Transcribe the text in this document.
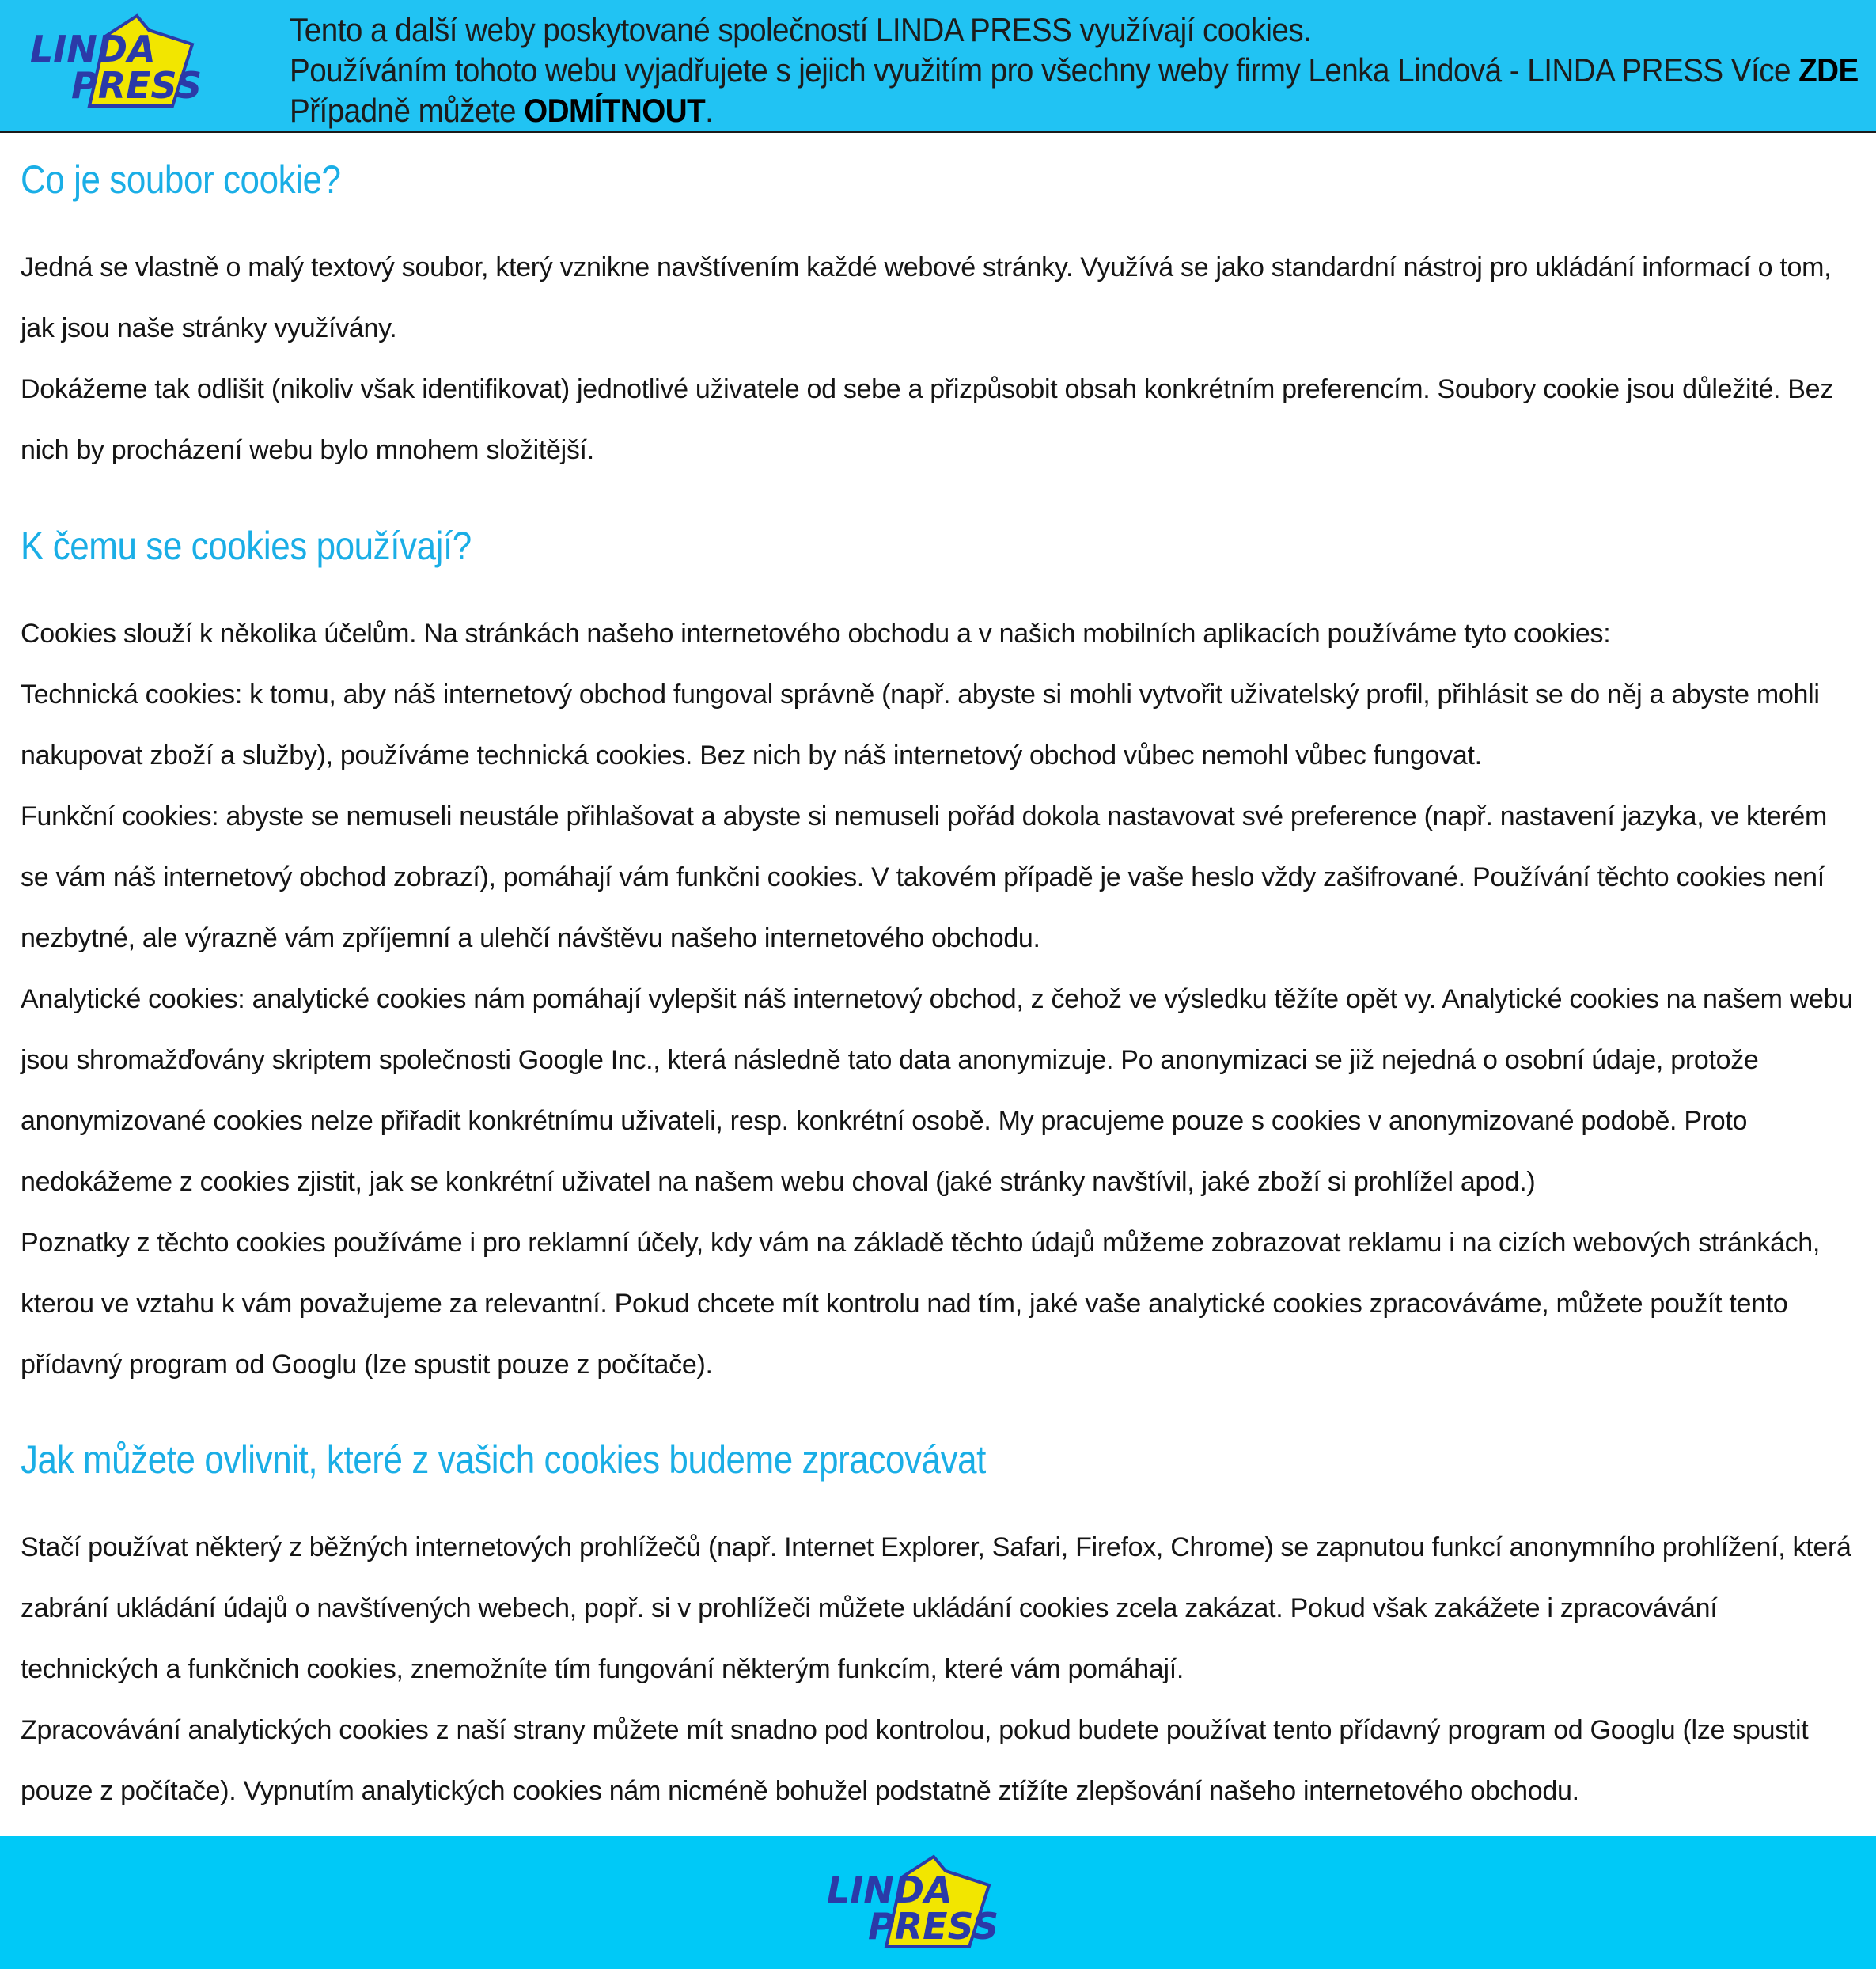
LINDA
PRESS
Tento a další weby poskytované společností LINDA PRESS využívají cookies.
Používáním tohoto webu vyjadřujete s jejich využitím pro všechny weby firmy Lenka Lindová - LINDA PRESS Více ZDE
Případně můžete ODMÍTNOUT.
Co je soubor cookie?

Jedná se vlastně o malý textový soubor, který vznikne navštívením každé webové stránky. Využívá se jako standardní nástroj pro ukládání informací o tom, jak jsou naše stránky využívány.

Dokážeme tak odlišit (nikoliv však identifikovat) jednotlivé uživatele od sebe a přizpůsobit obsah konkrétním preferencím. Soubory cookie jsou důležité. Bez nich by procházení webu bylo mnohem složitější.

K čemu se cookies používají?

Cookies slouží k několika účelům. Na stránkách našeho internetového obchodu a v našich mobilních aplikacích používáme tyto cookies:

Technická cookies: k tomu, aby náš internetový obchod fungoval správně (např. abyste si mohli vytvořit uživatelský profil, přihlásit se do něj a abyste mohli nakupovat zboží a služby), používáme technická cookies. Bez nich by náš internetový obchod vůbec nemohl vůbec fungovat.

Funkční cookies: abyste se nemuseli neustále přihlašovat a abyste si nemuseli pořád dokola nastavovat své preference (např. nastavení jazyka, ve kterém se vám náš internetový obchod zobrazí), pomáhají vám funkčni cookies. V takovém případě je vaše heslo vždy zašifrované. Používání těchto cookies není nezbytné, ale výrazně vám zpříjemní a ulehčí návštěvu našeho internetového obchodu.

Analytické cookies: analytické cookies nám pomáhají vylepšit náš internetový obchod, z čehož ve výsledku těžíte opět vy. Analytické cookies na našem webu jsou shromažďovány skriptem společnosti Google Inc., která následně tato data anonymizuje. Po anonymizaci se již nejedná o osobní údaje, protože anonymizované cookies nelze přiřadit konkrétnímu uživateli, resp. konkrétní osobě. My pracujeme pouze s cookies v anonymizované podobě. Proto nedokážeme z cookies zjistit, jak se konkrétní uživatel na našem webu choval (jaké stránky navštívil, jaké zboží si prohlížel apod.)

Poznatky z těchto cookies používáme i pro reklamní účely, kdy vám na základě těchto údajů můžeme zobrazovat reklamu i na cizích webových stránkách, kterou ve vztahu k vám považujeme za relevantní. Pokud chcete mít kontrolu nad tím, jaké vaše analytické cookies zpracováváme, můžete použít tento přídavný program od Googlu (lze spustit pouze z počítače).

Jak můžete ovlivnit, které z vašich cookies budeme zpracovávat

Stačí používat některý z běžných internetových prohlížečů (např. Internet Explorer, Safari, Firefox, Chrome) se zapnutou funkcí anonymního prohlížení, která zabrání ukládání údajů o navštívených webech, popř. si v prohlížeči můžete ukládání cookies zcela zakázat. Pokud však zakážete i zpracovávání technických a funkčnich cookies, znemožníte tím fungování některým funkcím, které vám pomáhají.

Zpracovávání analytických cookies z naší strany můžete mít snadno pod kontrolou, pokud budete používat tento přídavný program od Googlu (lze spustit pouze z počítače). Vypnutím analytických cookies nám nicméně bohužel podstatně ztížíte zlepšování našeho internetového obchodu.

LINDA
PRESS
